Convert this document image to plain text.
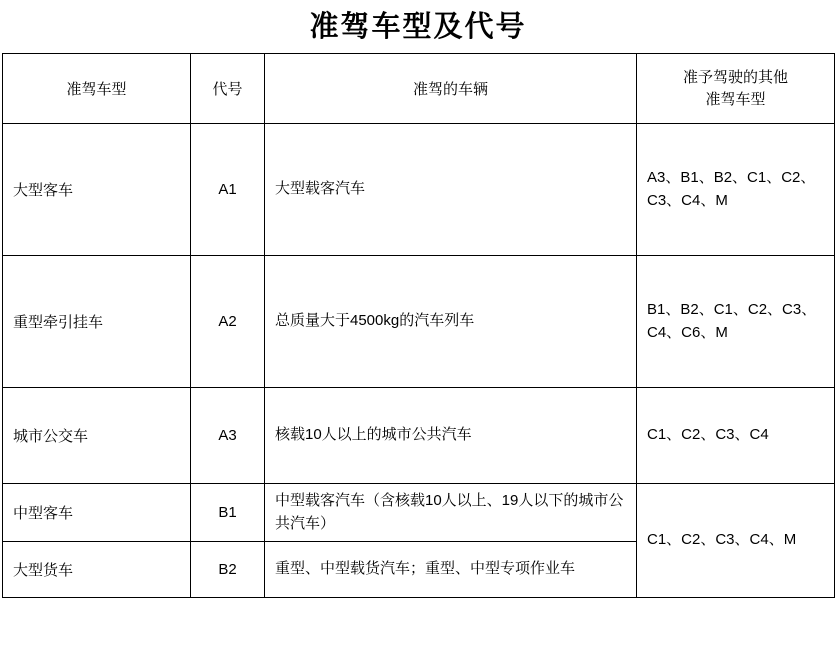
准驾车型及代号
准驾车型	代号	准驾的车辆	准予驾驶的其他
准驾车型

大型客车	A1	大型载客汽车	A3、B1、B2、C1、C2、C3、C4、M
重型牵引挂车	A2	总质量大于4500kg的汽车列车	B1、B2、C1、C2、C3、C4、C6、M
城市公交车	A3	核载10人以上的城市公共汽车	C1、C2、C3、C4
中型客车	B1	中型载客汽车（含核载10人以上、19人以下的城市公共汽车）	C1、C2、C3、C4、M
大型货车	B2	重型、中型载货汽车；重型、中型专项作业车	
